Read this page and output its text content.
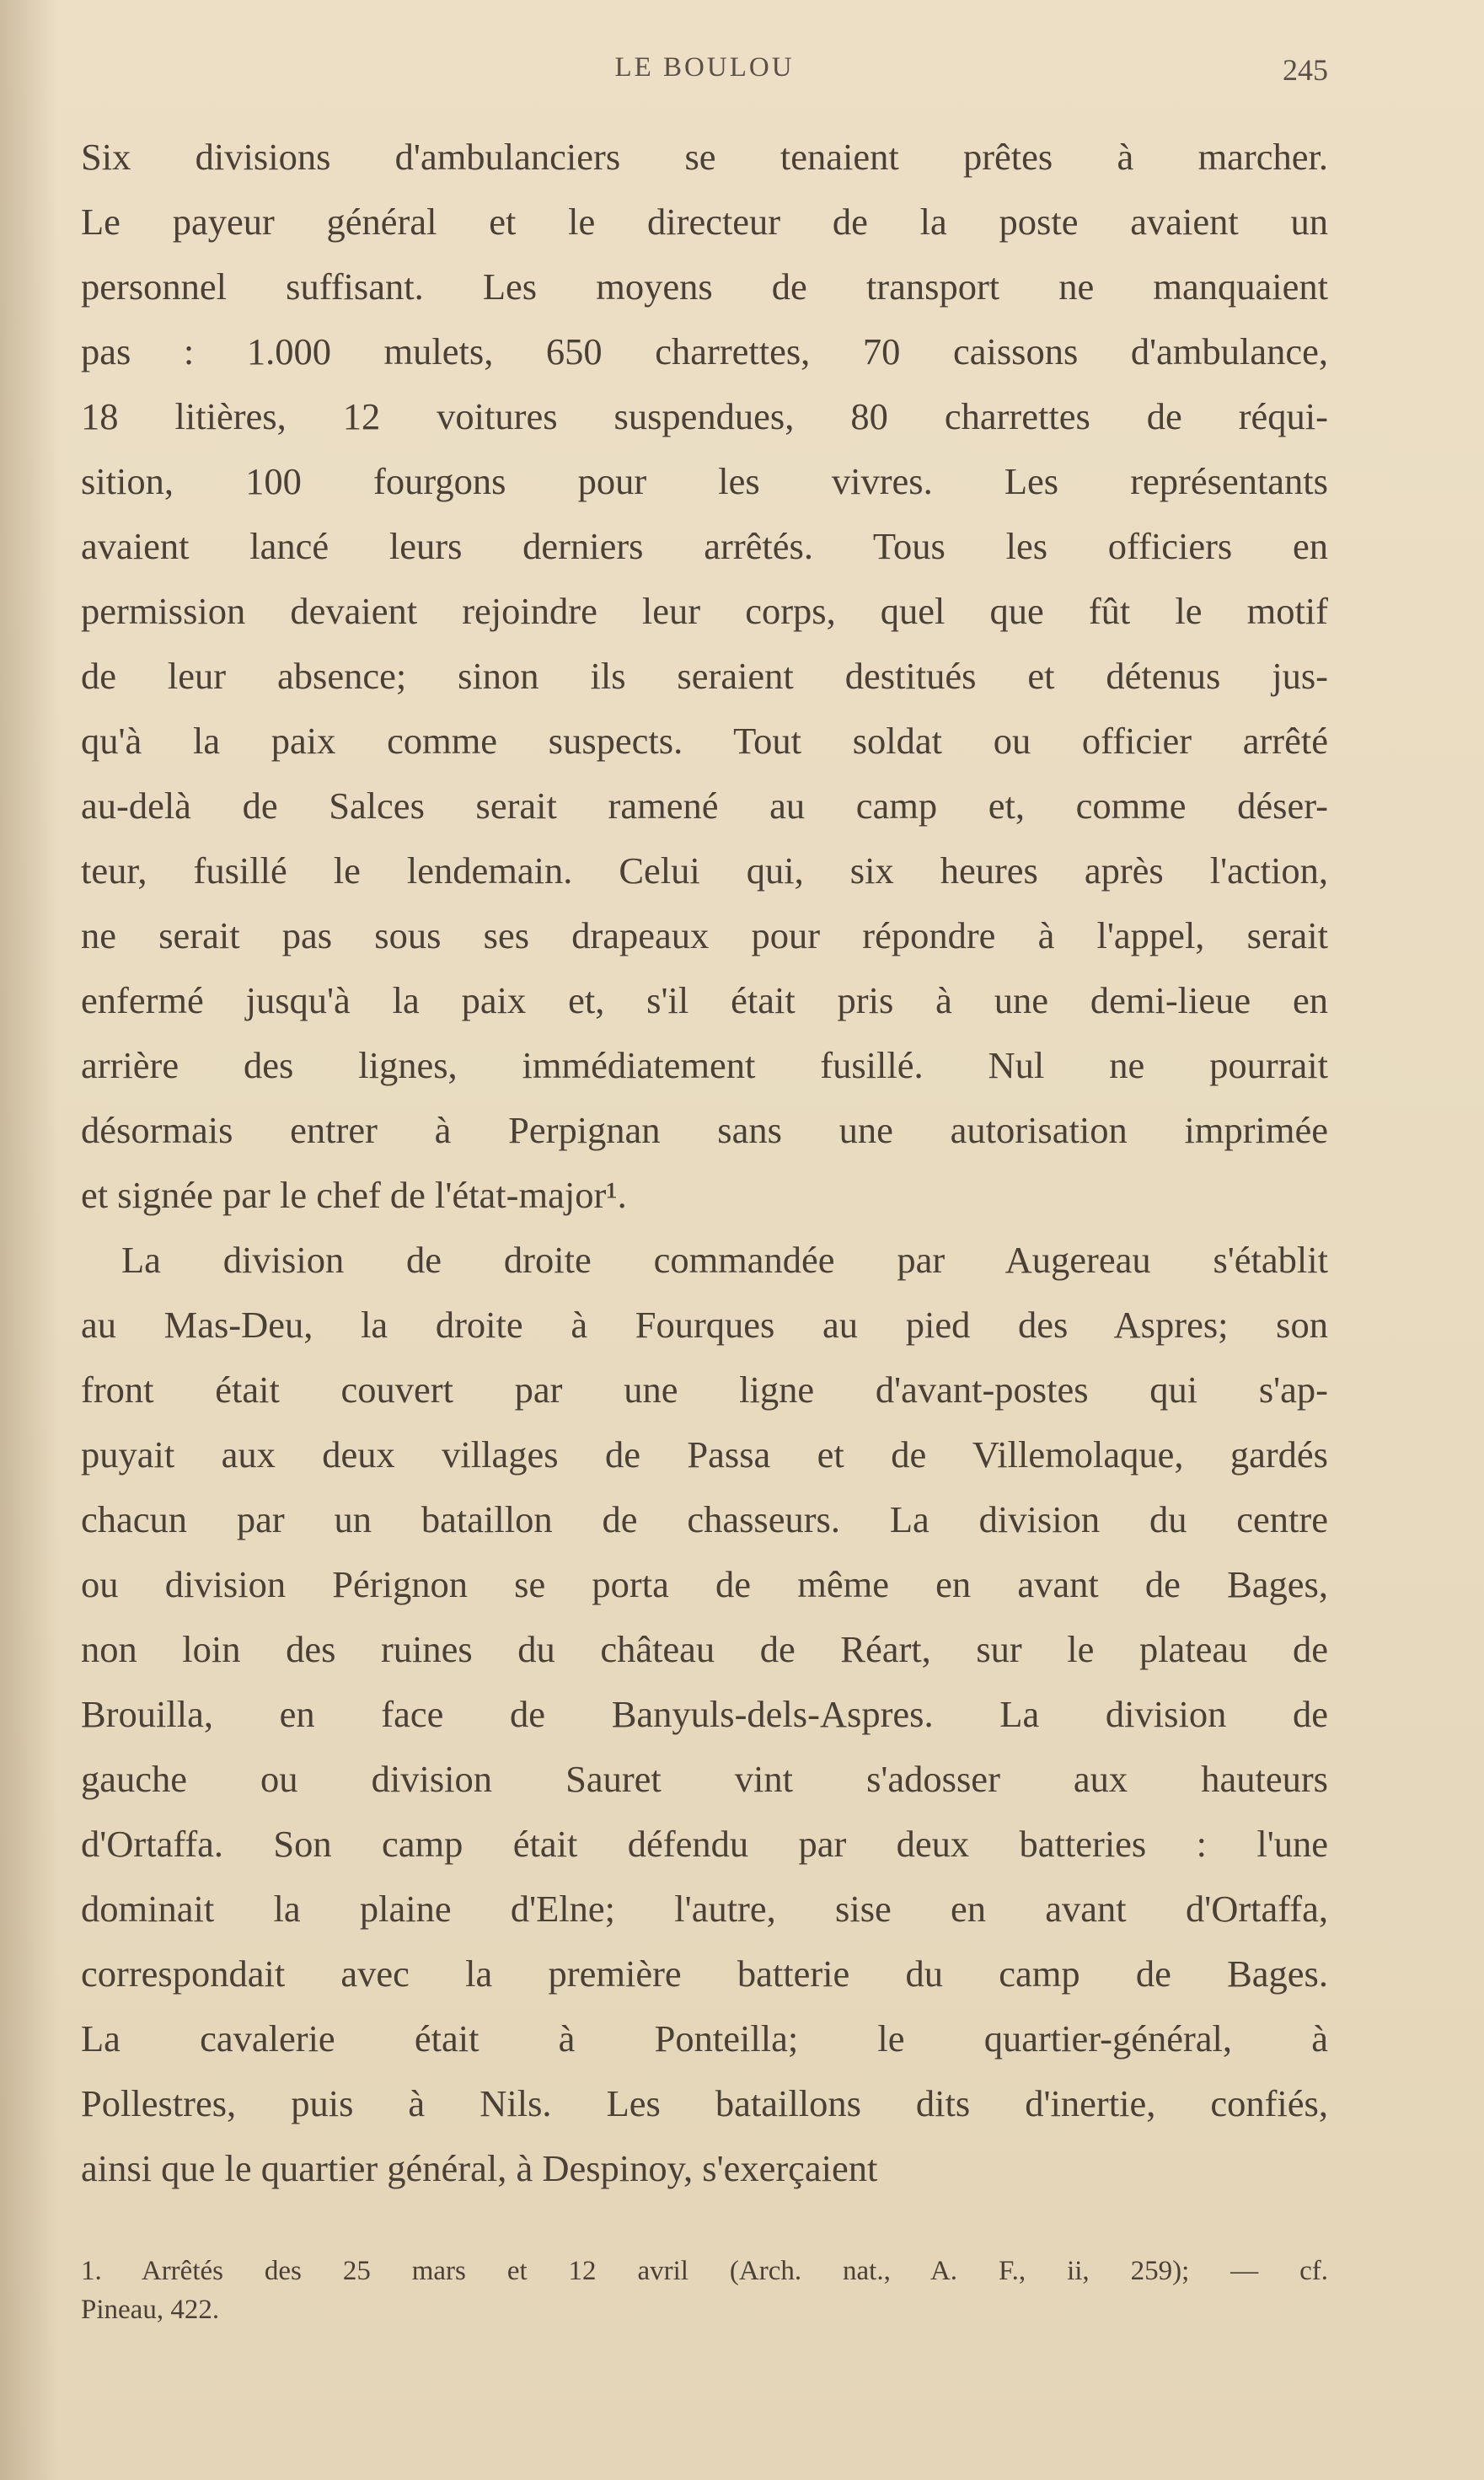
LE BOULOU	245
Six divisions d'ambulanciers se tenaient prêtes à marcher.
Le payeur général et le directeur de la poste avaient un
personnel suffisant. Les moyens de transport ne manquaient
pas : 1.000 mulets, 650 charrettes, 70 caissons d'ambulance,
18 litières, 12 voitures suspendues, 80 charrettes de réqui-
sition, 100 fourgons pour les vivres. Les représentants
avaient lancé leurs derniers arrêtés. Tous les officiers en
permission devaient rejoindre leur corps, quel que fût le motif
de leur absence; sinon ils seraient destitués et détenus jus-
qu'à la paix comme suspects. Tout soldat ou officier arrêté
au-delà de Salces serait ramené au camp et, comme déser-
teur, fusillé le lendemain. Celui qui, six heures après l'action,
ne serait pas sous ses drapeaux pour répondre à l'appel, serait
enfermé jusqu'à la paix et, s'il était pris à une demi-lieue en
arrière des lignes, immédiatement fusillé. Nul ne pourrait
désormais entrer à Perpignan sans une autorisation imprimée
et signée par le chef de l'état-major¹.
La division de droite commandée par Augereau s'établit
au Mas-Deu, la droite à Fourques au pied des Aspres; son
front était couvert par une ligne d'avant-postes qui s'ap-
puyait aux deux villages de Passa et de Villemolaque, gardés
chacun par un bataillon de chasseurs. La division du centre
ou division Pérignon se porta de même en avant de Bages,
non loin des ruines du château de Réart, sur le plateau de
Brouilla, en face de Banyuls-dels-Aspres. La division de
gauche ou division Sauret vint s'adosser aux hauteurs
d'Ortaffa. Son camp était défendu par deux batteries : l'une
dominait la plaine d'Elne; l'autre, sise en avant d'Ortaffa,
correspondait avec la première batterie du camp de Bages.
La cavalerie était à Ponteilla; le quartier-général, à
Pollestres, puis à Nils. Les bataillons dits d'inertie, confiés,
ainsi que le quartier général, à Despinoy, s'exerçaient
1. Arrêtés des 25 mars et 12 avril (Arch. nat., A. F., ii, 259); — cf.
Pineau, 422.
